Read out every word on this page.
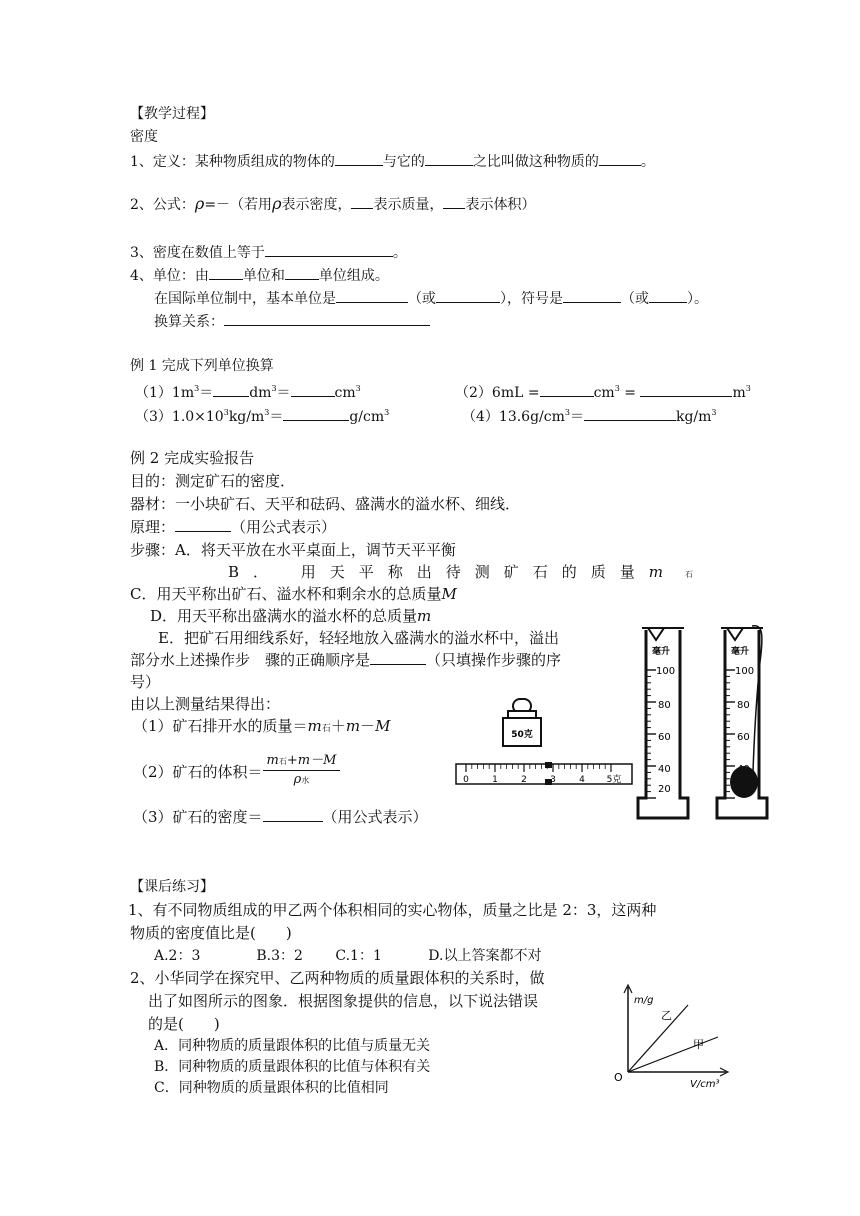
【教学过程】
密度
1、定义：某种物质组成的物体的	与它的	之比叫做这种物质的	。
2、公式：ρ=－（若用ρ表示密度， 表示质量， 表示体积）
3、密度在数值上等于	。
4、单位：由 单位和 单位组成。
在国际单位制中，基本单位是	（或	），符号是	（或	）。
换算关系：
例 1 完成下列单位换算
$(1)1m^3=$	$dm^3=$	$cm^3$	（2）6mL =	$cm^3$ =	$m^3$
$(3)1.0\times 10^3kg/m^3=$	$g/cm^3$	$(4)13.6g/cm^3=$	$kg/m^3$
例 2 完成实验报告
目的：测定矿石的密度．
器材：一小块矿石、天平和砝码、盛满水的溢水杯、细线．
原理：	（用公式表示）
步骤：A．将天平放在水平桌面上，调节天平平衡
B． 用天平称出待测矿石的质量m	石
C．用天平称出矿石、溢水杯和剩余水的总质量M
D．用天平称出盛满水的溢水杯的总质量m
E．把矿石用细线系好，轻轻地放入盛满水的溢水杯中，溢出
部分水上述操作步　骤的正确顺序是	（只填操作步骤的序
号）
由以上测量结果得出：
（1）矿石排开水的质量＝m石＋m－M
（2）矿石的体积＝ $\frac{\text{m石+m－M}}{\text{ρ水}}$
（3）矿石的密度＝	（用公式表示）
50克
0	1	2	3	4 5克
毫升
100
80
60
40
20
毫升
100
80
60
【课后练习】
1、有不同物质组成的甲乙两个体积相同的实心物体，质量之比是 2：3，这两种
物质的密度值比是(　　)
A.2：3　　　　B.3：2　　 C.1：1　　　 D.以上答案都不对
2、小华同学在探究甲、乙两种物质的质量跟体积的关系时，做
出了如图所示的图象．根据图象提供的信息，以下说法错误
的是(　　)
A．同种物质的质量跟体积的比值与质量无关
B．同种物质的质量跟体积的比值与体积有关
C．同种物质的质量跟体积的比值相同
m/g
V/cm³
O
乙
甲
